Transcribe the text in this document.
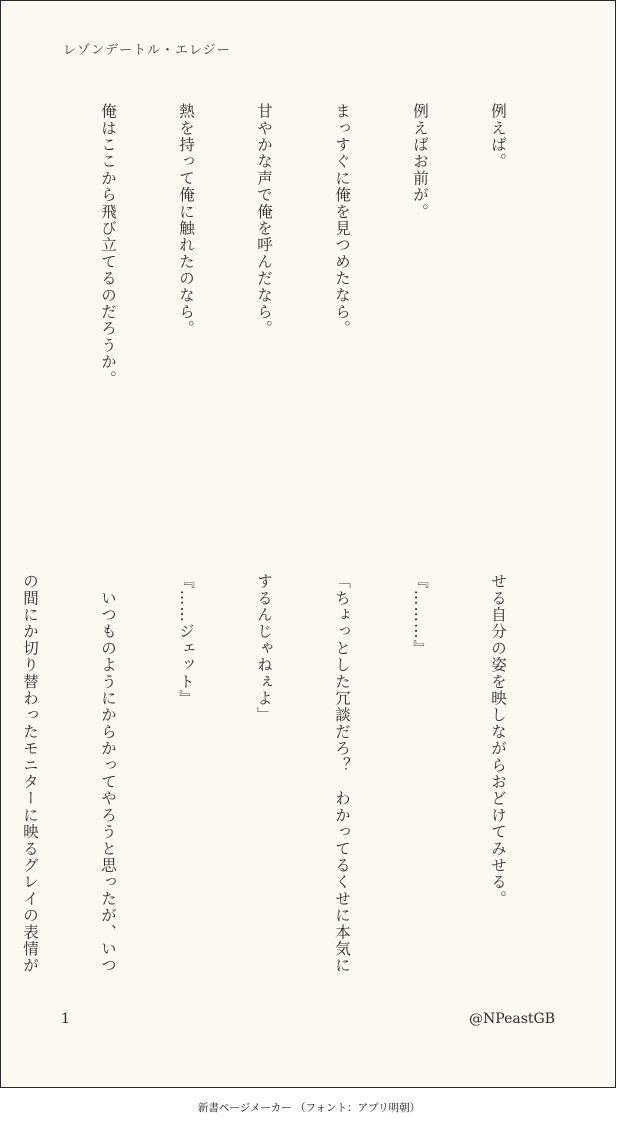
レゾンデートル・エレジー

例えば。

例えばお前が。

まっすぐに俺を見つめたなら。

甘やかな声で俺を呼んだなら。

熱を持って俺に触れたのなら。

俺はここから飛び立てるのだろうか。

せる自分の姿を映しながらおどけてみせる。

『………』

「ちょっとした冗談だろ？　わかってるくせに本気に

するんじゃねぇよ」

『……ジェット』

　いつものようにからかってやろうと思ったが、いつ

の間にか切り替わったモニターに映るグレイの表情が

1	@NPeastGB
新書ページメーカー （フォント：アプリ明朝）
